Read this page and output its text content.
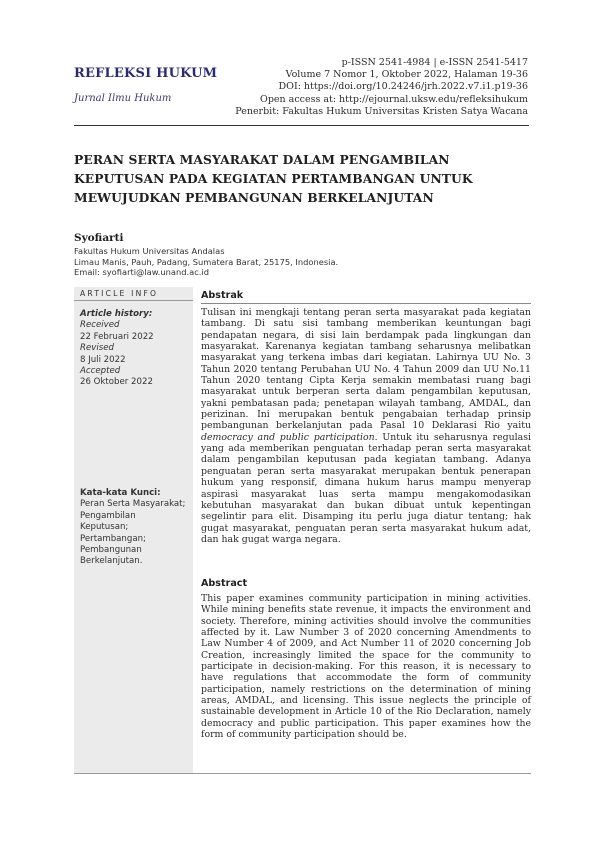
REFLEKSI HUKUM
Jurnal Ilmu Hukum
p-ISSN 2541-4984 | e-ISSN 2541-5417
Volume 7 Nomor 1, Oktober 2022, Halaman 19-36
DOI: https://doi.org/10.24246/jrh.2022.v7.i1.p19-36
Open access at: http://ejournal.uksw.edu/refleksihukum
Penerbit: Fakultas Hukum Universitas Kristen Satya Wacana
PERAN SERTA MASYARAKAT DALAM PENGAMBILAN
KEPUTUSAN PADA KEGIATAN PERTAMBANGAN UNTUK
MEWUJUDKAN PEMBANGUNAN BERKELANJUTAN
Syofiarti
Fakultas Hukum Universitas Andalas
Limau Manis, Pauh, Padang, Sumatera Barat, 25175, Indonesia.
Email: syofiarti@law.unand.ac.id
ARTICLE INFO
Article history:
Received
22 Februari 2022
Revised
8 Juli 2022
Accepted
26 Oktober 2022
Kata-kata Kunci:
Peran Serta Masyarakat;
Pengambilan
Keputusan;
Pertambangan;
Pembangunan
Berkelanjutan.
Abstrak
Tulisan ini mengkaji tentang peran serta masyarakat pada kegiatan tambang. Di satu sisi tambang memberikan keuntungan bagi pendapatan negara, di sisi lain berdampak pada lingkungan dan masyarakat. Karenanya kegiatan tambang seharusnya melibatkan masyarakat yang terkena imbas dari kegiatan. Lahirnya UU No. 3 Tahun 2020 tentang Perubahan UU No. 4 Tahun 2009 dan UU No.11 Tahun 2020 tentang Cipta Kerja semakin membatasi ruang bagi masyarakat untuk berperan serta dalam pengambilan keputusan, yakni pembatasan pada; penetapan wilayah tambang, AMDAL, dan perizinan. Ini merupakan bentuk pengabaian terhadap prinsip pembangunan berkelanjutan pada Pasal 10 Deklarasi Rio yaitu democracy and public participation. Untuk itu seharusnya regulasi yang ada memberikan penguatan terhadap peran serta masyarakat dalam pengambilan keputusan pada kegiatan tambang. Adanya penguatan peran serta masyarakat merupakan bentuk penerapan hukum yang responsif, dimana hukum harus mampu menyerap aspirasi masyarakat luas serta mampu mengakomodasikan kebutuhan masyarakat dan bukan dibuat untuk kepentingan segelintir para elit. Disamping itu perlu juga diatur tentang; hak gugat masyarakat, penguatan peran serta masyarakat hukum adat, dan hak gugat warga negara.
Abstract
This paper examines community participation in mining activities. While mining benefits state revenue, it impacts the environment and society. Therefore, mining activities should involve the communities affected by it. Law Number 3 of 2020 concerning Amendments to Law Number 4 of 2009, and Act Number 11 of 2020 concerning Job Creation, increasingly limited the space for the community to participate in decision-making. For this reason, it is necessary to have regulations that accommodate the form of community participation, namely restrictions on the determination of mining areas, AMDAL, and licensing. This issue neglects the principle of sustainable development in Article 10 of the Rio Declaration, namely democracy and public participation. This paper examines how the form of community participation should be.
